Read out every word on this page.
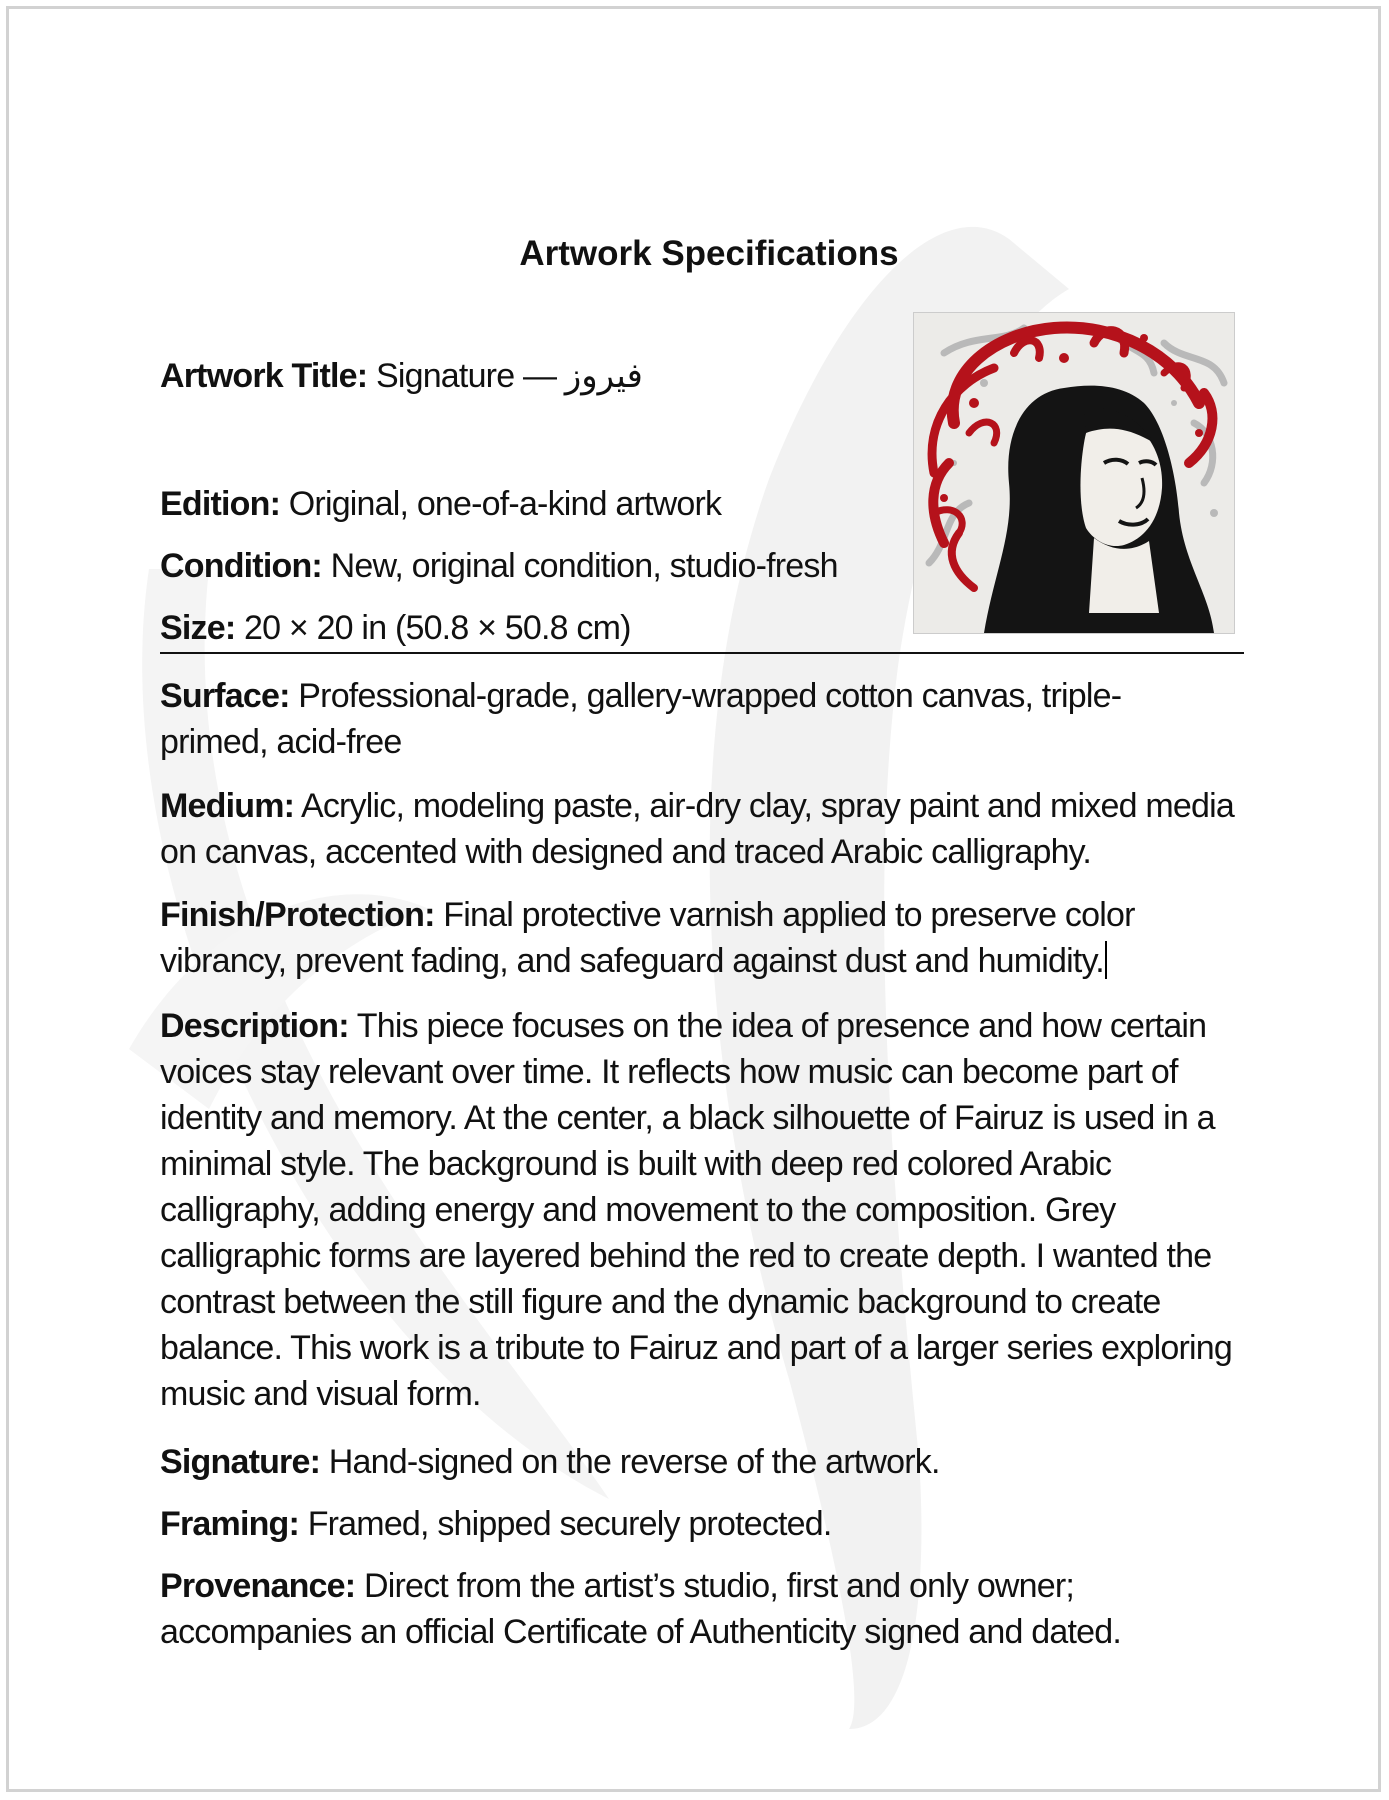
Artwork Specifications

Artwork Title: Signature — فيروز

Edition: Original, one-of-a-kind artwork

Condition: New, original condition, studio-fresh

Size: 20 × 20 in (50.8 × 50.8 cm)

Surface: Professional-grade, gallery-wrapped cotton canvas, triple-primed, acid-free

Medium: Acrylic, modeling paste, air-dry clay, spray paint and mixed media on canvas, accented with designed and traced Arabic calligraphy.

Finish/Protection: Final protective varnish applied to preserve color vibrancy, prevent fading, and safeguard against dust and humidity.

Description: This piece focuses on the idea of presence and how certain voices stay relevant over time. It reflects how music can become part of identity and memory. At the center, a black silhouette of Fairuz is used in a minimal style. The background is built with deep red colored Arabic calligraphy, adding energy and movement to the composition. Grey calligraphic forms are layered behind the red to create depth. I wanted the contrast between the still figure and the dynamic background to create balance. This work is a tribute to Fairuz and part of a larger series exploring music and visual form.

Signature: Hand-signed on the reverse of the artwork.

Framing: Framed, shipped securely protected.

Provenance: Direct from the artist’s studio, first and only owner; accompanies an official Certificate of Authenticity signed and dated.
